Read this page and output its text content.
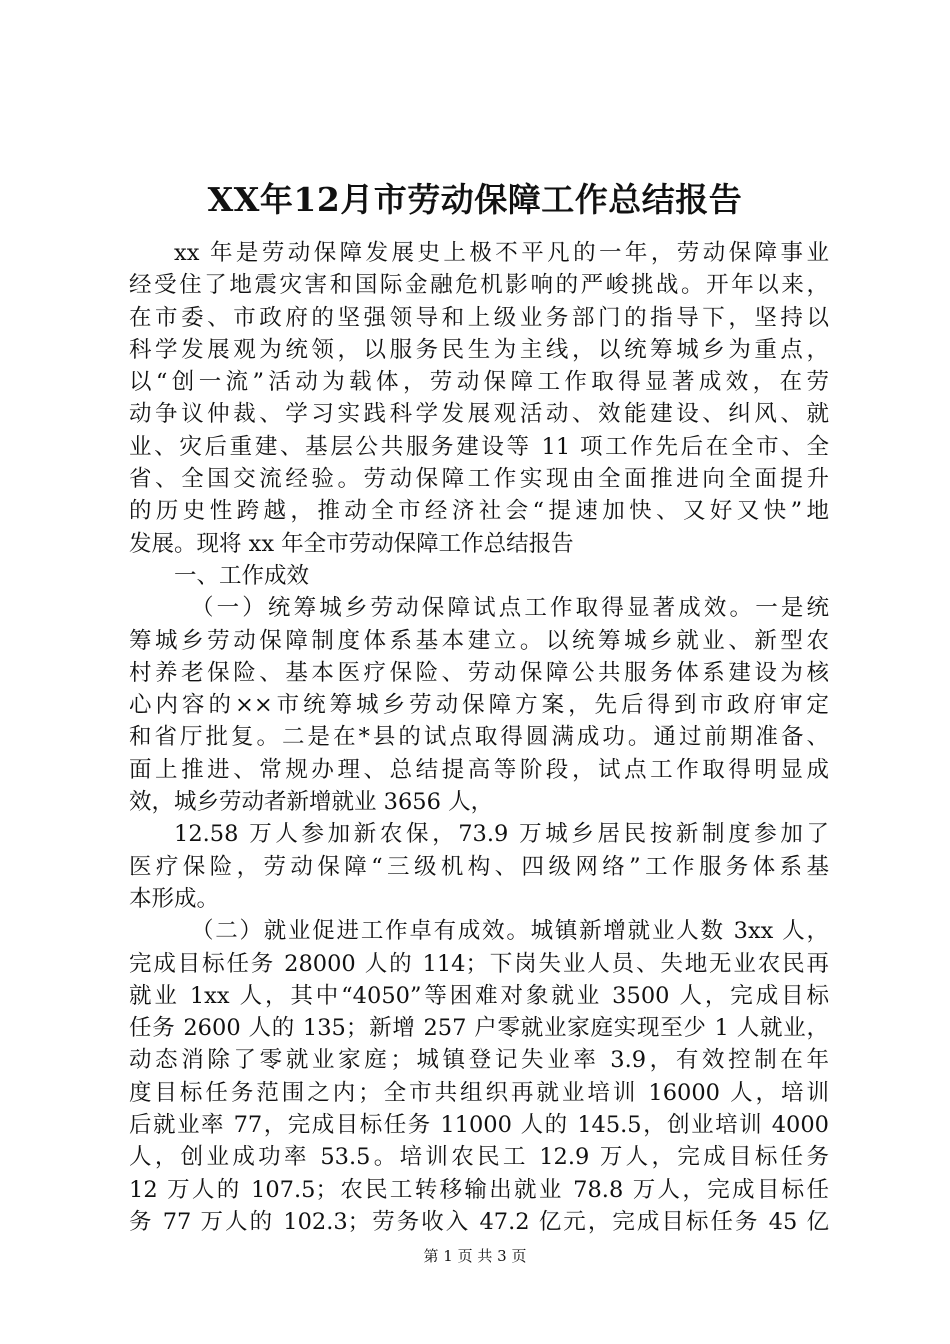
XX年12月市劳动保障工作总结报告
xx 年是劳动保障发展史上极不平凡的一年，劳动保障事业
经受住了地震灾害和国际金融危机影响的严峻挑战。开年以来，
在市委、市政府的坚强领导和上级业务部门的指导下，坚持以
科学发展观为统领，以服务民生为主线，以统筹城乡为重点，
以“创一流”活动为载体，劳动保障工作取得显著成效，在劳
动争议仲裁、学习实践科学发展观活动、效能建设、纠风、就
业、灾后重建、基层公共服务建设等 11 项工作先后在全市、全
省、全国交流经验。劳动保障工作实现由全面推进向全面提升
的历史性跨越，推动全市经济社会“提速加快、又好又快”地
发展。现将 xx 年全市劳动保障工作总结报告
一、工作成效
（一）统筹城乡劳动保障试点工作取得显著成效。一是统
筹城乡劳动保障制度体系基本建立。以统筹城乡就业、新型农
村养老保险、基本医疗保险、劳动保障公共服务体系建设为核
心内容的××市统筹城乡劳动保障方案，先后得到市政府审定
和省厅批复。二是在*县的试点取得圆满成功。通过前期准备、
面上推进、常规办理、总结提高等阶段，试点工作取得明显成
效，城乡劳动者新增就业 3656 人，
12.58 万人参加新农保，73.9 万城乡居民按新制度参加了
医疗保险，劳动保障“三级机构、四级网络”工作服务体系基
本形成。
（二）就业促进工作卓有成效。城镇新增就业人数 3xx 人，
完成目标任务 28000 人的 114；下岗失业人员、失地无业农民再
就业 1xx 人，其中“4050”等困难对象就业 3500 人，完成目标
任务 2600 人的 135；新增 257 户零就业家庭实现至少 1 人就业，
动态消除了零就业家庭；城镇登记失业率 3.9，有效控制在年
度目标任务范围之内；全市共组织再就业培训 16000 人，培训
后就业率 77，完成目标任务 11000 人的 145.5，创业培训 4000
人，创业成功率 53.5。培训农民工 12.9 万人，完成目标任务
12 万人的 107.5；农民工转移输出就业 78.8 万人，完成目标任
务 77 万人的 102.3；劳务收入 47.2 亿元，完成目标任务 45 亿
第 1 页 共 3 页
